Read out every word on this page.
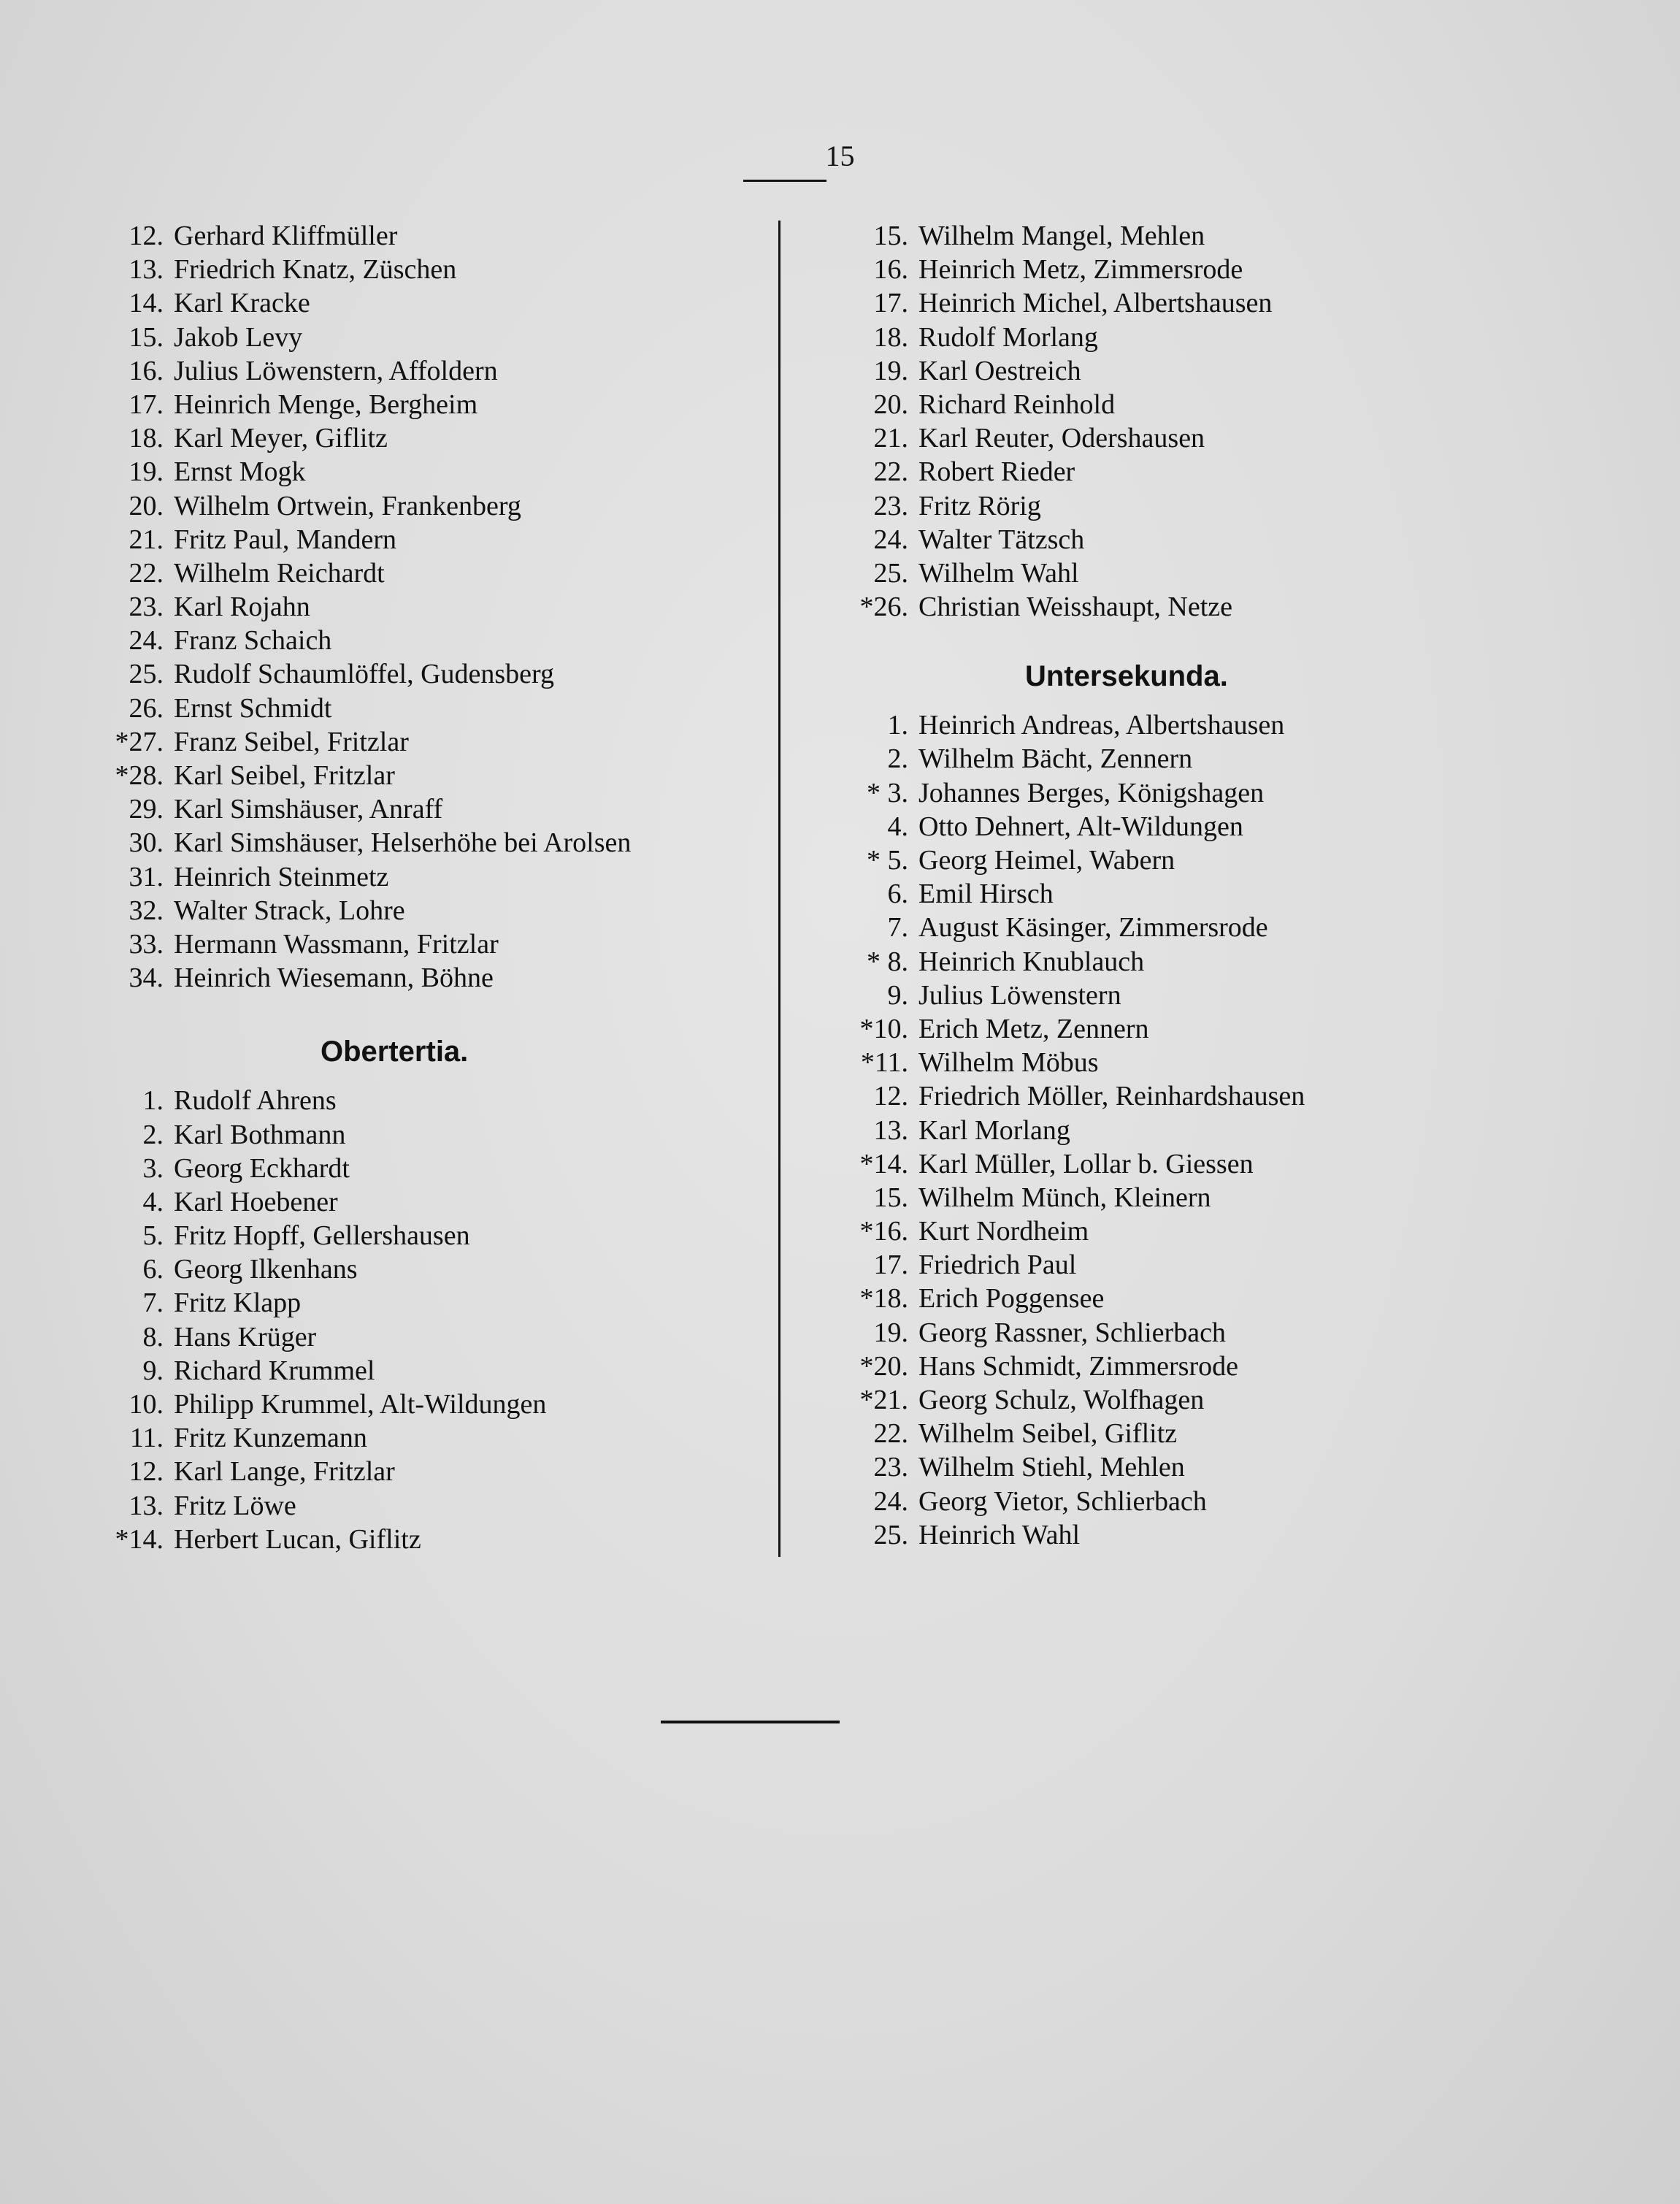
15
12. Gerhard Kliffmüller
13. Friedrich Knatz, Züschen
14. Karl Kracke
15. Jakob Levy
16. Julius Löwenstern, Affoldern
17. Heinrich Menge, Bergheim
18. Karl Meyer, Giflitz
19. Ernst Mogk
20. Wilhelm Ortwein, Frankenberg
21. Fritz Paul, Mandern
22. Wilhelm Reichardt
23. Karl Rojahn
24. Franz Schaich
25. Rudolf Schaumlöffel, Gudensberg
26. Ernst Schmidt
*27. Franz Seibel, Fritzlar
*28. Karl Seibel, Fritzlar
29. Karl Simshäuser, Anraff
30. Karl Simshäuser, Helserhöhe bei Arolsen
31. Heinrich Steinmetz
32. Walter Strack, Lohre
33. Hermann Wassmann, Fritzlar
34. Heinrich Wiesemann, Böhne
Obertertia.
1. Rudolf Ahrens
2. Karl Bothmann
3. Georg Eckhardt
4. Karl Hoebener
5. Fritz Hopff, Gellershausen
6. Georg Ilkenhans
7. Fritz Klapp
8. Hans Krüger
9. Richard Krummel
10. Philipp Krummel, Alt-Wildungen
11. Fritz Kunzemann
12. Karl Lange, Fritzlar
13. Fritz Löwe
*14. Herbert Lucan, Giflitz
15. Wilhelm Mangel, Mehlen
16. Heinrich Metz, Zimmersrode
17. Heinrich Michel, Albertshausen
18. Rudolf Morlang
19. Karl Oestreich
20. Richard Reinhold
21. Karl Reuter, Odershausen
22. Robert Rieder
23. Fritz Rörig
24. Walter Tätzsch
25. Wilhelm Wahl
*26. Christian Weisshaupt, Netze
Untersekunda.
1. Heinrich Andreas, Albertshausen
2. Wilhelm Bächt, Zennern
* 3. Johannes Berges, Königshagen
4. Otto Dehnert, Alt-Wildungen
* 5. Georg Heimel, Wabern
6. Emil Hirsch
7. August Käsinger, Zimmersrode
* 8. Heinrich Knublauch
9. Julius Löwenstern
*10. Erich Metz, Zennern
*11. Wilhelm Möbus
12. Friedrich Möller, Reinhardshausen
13. Karl Morlang
*14. Karl Müller, Lollar b. Giessen
15. Wilhelm Münch, Kleinern
*16. Kurt Nordheim
17. Friedrich Paul
*18. Erich Poggensee
19. Georg Rassner, Schlierbach
*20. Hans Schmidt, Zimmersrode
*21. Georg Schulz, Wolfhagen
22. Wilhelm Seibel, Giflitz
23. Wilhelm Stiehl, Mehlen
24. Georg Vietor, Schlierbach
25. Heinrich Wahl
